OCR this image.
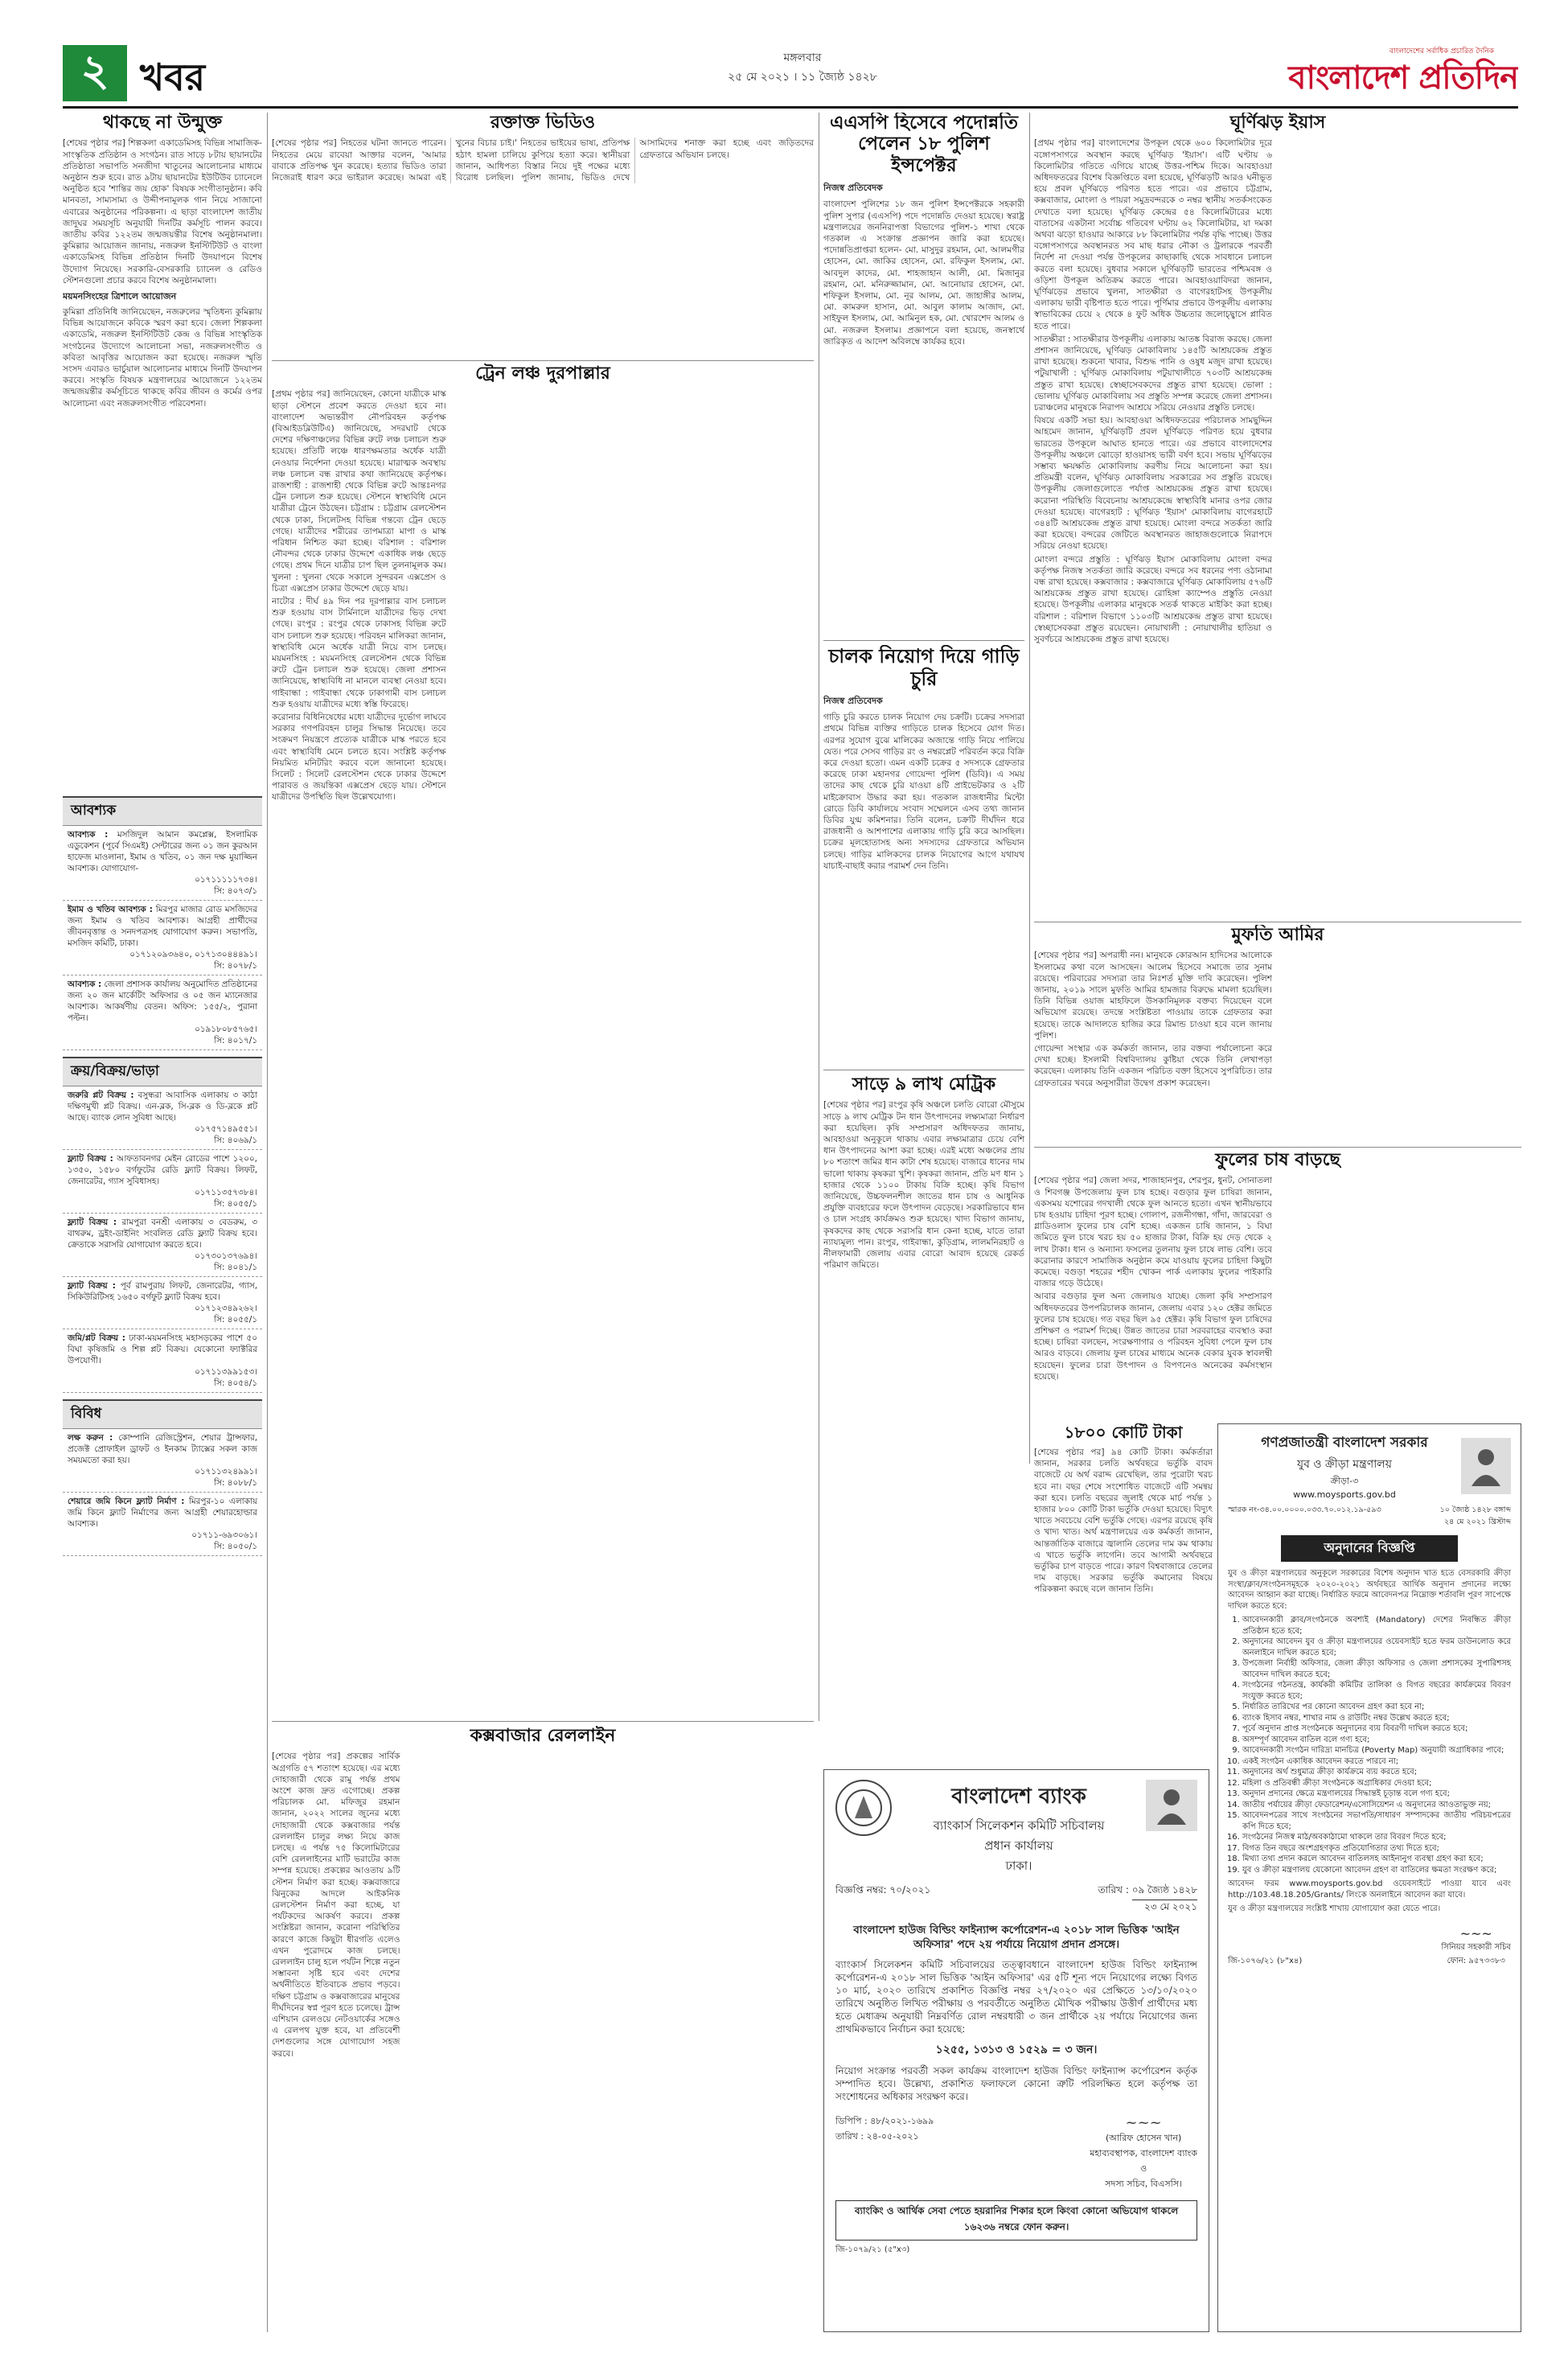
২ খবর	মঙ্গলবার
২৫ মে ২০২১ । ১১ জ্যৈষ্ঠ ১৪২৮
বাংলাদেশের সর্বাধিক প্রচারিত দৈনিক
বাংলাদেশ প্রতিদিন
থাকছে না উন্মুক্ত
[শেষের পৃষ্ঠার পর] শিল্পকলা একাডেমিসহ বিভিন্ন সামাজিক-সাংস্কৃতিক প্রতিষ্ঠান ও সংগঠন। রাত সাড়ে ৮টায় ছায়ানটের প্রতিষ্ঠাতা সভাপতি সনজীদা খাতুনের আলোচনার মাধ্যমে অনুষ্ঠান শুরু হবে। রাত ৯টায় ছায়ানটের ইউটিউব চ্যানেলে অনুষ্ঠিত হবে 'শান্তির জয় হোক' বিষয়ক সংগীতানুষ্ঠান। কবি মানবতা, সাম্যসাম্য ও উদ্দীপনামূলক গান নিয়ে সাজানো এবারের অনুষ্ঠানের পরিকল্পনা। এ ছাড়া বাংলাদেশ জাতীয় জাদুঘর সময়সূচি অনুযায়ী দিনটির কর্মসূচি পালন করবে। জাতীয় কবির ১২২তম জন্মজয়ন্তীর বিশেষ অনুষ্ঠানমালা। কুমিল্লার আয়োজন জানায়, নজরুল ইনস্টিটিউট ও বাংলা একাডেমিসহ বিভিন্ন প্রতিষ্ঠান দিনটি উদযাপনে বিশেষ উদ্যোগ নিয়েছে। সরকারি-বেসরকারি চ্যানেল ও রেডিও স্টেশনগুলো প্রচার করবে বিশেষ অনুষ্ঠানমালা।
ময়মনসিংহের ত্রিশালে আয়োজন
কুমিল্লা প্রতিনিধি জানিয়েছেন, নজরুলের স্মৃতিধন্য কুমিল্লায় বিভিন্ন আয়োজনে কবিকে স্মরণ করা হবে। জেলা শিল্পকলা একাডেমি, নজরুল ইনস্টিটিউট কেন্দ্র ও বিভিন্ন সাংস্কৃতিক সংগঠনের উদ্যোগে আলোচনা সভা, নজরুলসংগীত ও কবিতা আবৃত্তির আয়োজন করা হয়েছে। নজরুল স্মৃতি সংসদ এবারও ভার্চুয়াল আলোচনার মাধ্যমে দিনটি উদযাপন করবে। সংস্কৃতি বিষয়ক মন্ত্রণালয়ের আয়োজনে ১২২তম জন্মজয়ন্তীর কর্মসূচিতে থাকছে কবির জীবন ও কর্মের ওপর আলোচনা এবং নজরুলসংগীত পরিবেশনা।
আবশ্যক
আবশ্যক : মসজিদুল আমান কমপ্লেক্স, ইসলামিক এডুকেশন (পূর্বে সিএমই) সেন্টারের জন্য ০১ জন কুরআন হাফেজ মাওলানা, ইমাম ও খতিব, ০১ জন দক্ষ মুয়াজ্জিন আবশ্যক। যোগাযোগ-
০১৭১১১১১৭৩৪।
সি: ৪০৭৩/১
ইমাম ও খতিব আবশ্যক : মিরপুর মাজার রোড মসজিদের জন্য ইমাম ও খতিব আবশ্যক। আগ্রহী প্রার্থীদের জীবনবৃত্তান্ত ও সনদপত্রসহ যোগাযোগ করুন। সভাপতি, মসজিদ কমিটি, ঢাকা।
০১৭১২০৯৩৬৪০, ০১৭১৩০৪৪৪৯১।
সি: ৪০৭৮/১
আবশ্যক : জেলা প্রশাসক কার্যালয় অনুমোদিত প্রতিষ্ঠানের জন্য ২০ জন মার্কেটিং অফিসার ও ০৫ জন ম্যানেজার আবশ্যক। আকর্ষণীয় বেতন। অফিস: ১৫৫/২, পুরানা পল্টন।
০১৯১৮০৮৫৭৬৫।
সি: ৪০১৭/১
ক্রয়/বিক্রয়/ভাড়া
জরুরি প্লট বিক্রয় : বসুন্ধরা আবাসিক এলাকায় ৩ কাঠা দক্ষিণমুখী প্লট বিক্রয়। এন-ব্লক, সি-ব্লক ও ডি-ব্লকে প্লট আছে। ব্যাংক লোন সুবিধা আছে।
০১৭৫৭১৪৯৫৫১।
সি: ৪০৬৯/১
ফ্ল্যাট বিক্রয় : আফতাবনগর মেইন রোডের পাশে ১২০০, ১৩৫০, ১৫৮০ বর্গফুটের রেডি ফ্ল্যাট বিক্রয়। লিফট, জেনারেটর, গ্যাস সুবিধাসহ।
০১৭১১৩৫৭৩৮৪।
সি: ৪০৫৫/১
ফ্ল্যাট বিক্রয় : রামপুরা বনশ্রী এলাকায় ৩ বেডরুম, ৩ বাথরুম, ড্রইং-ডাইনিং সংবলিত রেডি ফ্ল্যাট বিক্রয় হবে। ক্রেতাকে সরাসরি যোগাযোগ করতে হবে।
০১৭৩০১৩৭৬৯৪।
সি: ৪০৪১/১
ফ্ল্যাট বিক্রয় : পূর্ব রামপুরায় লিফট, জেনারেটর, গ্যাস, সিকিউরিটিসহ ১৬৫০ বর্গফুট ফ্ল্যাট বিক্রয় হবে।
০১৭১২৩৪৯২৬২।
সি: ৪০৫৫/১
জমি/প্লট বিক্রয় : ঢাকা-ময়মনসিংহ মহাসড়কের পাশে ৫০ বিঘা কৃষিজমি ও শিল্প প্লট বিক্রয়। যেকোনো ফ্যাক্টরির উপযোগী।
০১৭১১৩৯৯১৫৩।
সি: ৪০৫৪/১
বিবিধ
লক্ষ করুন : কোম্পানি রেজিস্ট্রেশন, শেয়ার ট্রান্সফার, প্রজেক্ট প্রোফাইল ড্রাফট ও ইনকাম ট্যাক্সের সকল কাজ সময়মতো করা হয়।
০১৭১১৩২৪৯৯১।
সি: ৪০৮৮/১
শেয়ারে জমি কিনে ফ্ল্যাট নির্মাণ : মিরপুর-১০ এলাকায় জমি কিনে ফ্ল্যাট নির্মাণের জন্য আগ্রহী শেয়ারহোল্ডার আবশ্যক।
০১৭১১-৬৯৩০৬১।
সি: ৪০৫০/১
রক্তাক্ত ভিডিও
[শেষের পৃষ্ঠার পর] নিহতের ঘটনা জানতে পারেন। নিহতের মেয়ে রাবেয়া আক্তার বলেন, 'আমার বাবাকে প্রতিপক্ষ খুন করেছে। হত্যার ভিডিও তারা নিজেরাই ধারণ করে ভাইরাল করেছে। আমরা এই খুনের বিচার চাই।' নিহতের ভাইয়ের ভাষ্য, প্রতিপক্ষ হঠাৎ হামলা চালিয়ে কুপিয়ে হত্যা করে। স্থানীয়রা জানান, আধিপত্য বিস্তার নিয়ে দুই পক্ষের মধ্যে বিরোধ চলছিল। পুলিশ জানায়, ভিডিও দেখে আসামিদের শনাক্ত করা হচ্ছে এবং জড়িতদের গ্রেফতারে অভিযান চলছে।
ট্রেন লঞ্চ দুরপাল্লার

[প্রথম পৃষ্ঠার পর] জানিয়েছেন, কোনো যাত্রীকে মাস্ক ছাড়া স্টেশনে প্রবেশ করতে দেওয়া হবে না। বাংলাদেশ অভ্যন্তরীণ নৌপরিবহন কর্তৃপক্ষ (বিআইডব্লিউটিএ) জানিয়েছে, সদরঘাট থেকে দেশের দক্ষিণাঞ্চলের বিভিন্ন রুটে লঞ্চ চলাচল শুরু হয়েছে। প্রতিটি লঞ্চে ধারণক্ষমতার অর্ধেক যাত্রী নেওয়ার নির্দেশনা দেওয়া হয়েছে। মারাত্মক অবস্থায় লঞ্চ চলাচল বন্ধ রাখার কথা জানিয়েছে কর্তৃপক্ষ। রাজশাহী : রাজশাহী থেকে বিভিন্ন রুটে আন্তঃনগর ট্রেন চলাচল শুরু হয়েছে। স্টেশনে স্বাস্থ্যবিধি মেনে যাত্রীরা ট্রেনে উঠছেন। চট্টগ্রাম : চট্টগ্রাম রেলস্টেশন থেকে ঢাকা, সিলেটসহ বিভিন্ন গন্তব্যে ট্রেন ছেড়ে গেছে। যাত্রীদের শরীরের তাপমাত্রা মাপা ও মাস্ক পরিধান নিশ্চিত করা হচ্ছে। বরিশাল : বরিশাল নৌবন্দর থেকে ঢাকার উদ্দেশে একাধিক লঞ্চ ছেড়ে গেছে। প্রথম দিনে যাত্রীর চাপ ছিল তুলনামূলক কম। খুলনা : খুলনা থেকে সকালে সুন্দরবন এক্সপ্রেস ও চিত্রা এক্সপ্রেস ঢাকার উদ্দেশে ছেড়ে যায়।

নাটোর : দীর্ঘ ৪৯ দিন পর দূরপাল্লার বাস চলাচল শুরু হওয়ায় বাস টার্মিনালে যাত্রীদের ভিড় দেখা গেছে। রংপুর : রংপুর থেকে ঢাকাসহ বিভিন্ন রুটে বাস চলাচল শুরু হয়েছে। পরিবহন মালিকরা জানান, স্বাস্থ্যবিধি মেনে অর্ধেক যাত্রী নিয়ে বাস চলছে। ময়মনসিংহ : ময়মনসিংহ রেলস্টেশন থেকে বিভিন্ন রুটে ট্রেন চলাচল শুরু হয়েছে। জেলা প্রশাসন জানিয়েছে, স্বাস্থ্যবিধি না মানলে ব্যবস্থা নেওয়া হবে। গাইবান্ধা : গাইবান্ধা থেকে ঢাকাগামী বাস চলাচল শুরু হওয়ায় যাত্রীদের মধ্যে স্বস্তি ফিরেছে।

করোনার বিধিনিষেধের মধ্যে যাত্রীদের দুর্ভোগ লাঘবে সরকার গণপরিবহন চালুর সিদ্ধান্ত নিয়েছে। তবে সংক্রমণ নিয়ন্ত্রণে প্রত্যেক যাত্রীকে মাস্ক পরতে হবে এবং স্বাস্থ্যবিধি মেনে চলতে হবে। সংশ্লিষ্ট কর্তৃপক্ষ নিয়মিত মনিটরিং করবে বলে জানানো হয়েছে। সিলেট : সিলেট রেলস্টেশন থেকে ঢাকার উদ্দেশে পারাবত ও জয়ন্তিকা এক্সপ্রেস ছেড়ে যায়। স্টেশনে যাত্রীদের উপস্থিতি ছিল উল্লেখযোগ্য।

কক্সবাজার রেললাইন
[শেষের পৃষ্ঠার পর] প্রকল্পের সার্বিক অগ্রগতি ৫৭ শতাংশ হয়েছে। এর মধ্যে দোহাজারী থেকে রামু পর্যন্ত প্রথম অংশে কাজ দ্রুত এগোচ্ছে। প্রকল্প পরিচালক মো. মফিজুর রহমান জানান, ২০২২ সালের জুনের মধ্যে দোহাজারী থেকে কক্সবাজার পর্যন্ত রেললাইন চালুর লক্ষ্য নিয়ে কাজ চলছে। এ পর্যন্ত ৭৫ কিলোমিটারের বেশি রেললাইনের মাটি ভরাটের কাজ সম্পন্ন হয়েছে। প্রকল্পের আওতায় ৯টি স্টেশন নির্মাণ করা হচ্ছে। কক্সবাজারে ঝিনুকের আদলে আইকনিক রেলস্টেশন নির্মাণ করা হচ্ছে, যা পর্যটকদের আকর্ষণ করবে। প্রকল্প সংশ্লিষ্টরা জানান, করোনা পরিস্থিতির কারণে কাজে কিছুটা ধীরগতি এলেও এখন পুরোদমে কাজ চলছে। রেললাইন চালু হলে পর্যটন শিল্পে নতুন সম্ভাবনা সৃষ্টি হবে এবং দেশের অর্থনীতিতে ইতিবাচক প্রভাব পড়বে। দক্ষিণ চট্টগ্রাম ও কক্সবাজারের মানুষের দীর্ঘদিনের স্বপ্ন পূরণ হতে চলেছে। ট্রান্স এশিয়ান রেলওয়ে নেটওয়ার্কের সঙ্গেও এ রেলপথ যুক্ত হবে, যা প্রতিবেশী দেশগুলোর সঙ্গে যোগাযোগ সহজ করবে।
এএসপি হিসেবে পদোন্নতি পেলেন ১৮ পুলিশ ইন্সপেক্টর
নিজস্ব প্রতিবেদক
বাংলাদেশ পুলিশের ১৮ জন পুলিশ ইন্সপেক্টরকে সহকারী পুলিশ সুপার (এএসপি) পদে পদোন্নতি দেওয়া হয়েছে। স্বরাষ্ট্র মন্ত্রণালয়ের জননিরাপত্তা বিভাগের পুলিশ-১ শাখা থেকে গতকাল এ সংক্রান্ত প্রজ্ঞাপন জারি করা হয়েছে। পদোন্নতিপ্রাপ্তরা হলেন- মো. মাসুদুর রহমান, মো. আলমগীর হোসেন, মো. জাকির হোসেন, মো. রফিকুল ইসলাম, মো. আবদুল কাদের, মো. শাহজাহান আলী, মো. মিজানুর রহমান, মো. মনিরুজ্জামান, মো. আনোয়ার হোসেন, মো. শফিকুল ইসলাম, মো. নূর আলম, মো. জাহাঙ্গীর আলম, মো. কামরুল হাসান, মো. আবুল কালাম আজাদ, মো. সাইফুল ইসলাম, মো. আমিনুল হক, মো. খোরশেদ আলম ও মো. নজরুল ইসলাম। প্রজ্ঞাপনে বলা হয়েছে, জনস্বার্থে জারিকৃত এ আদেশ অবিলম্বে কার্যকর হবে।
চালক নিয়োগ দিয়ে গাড়ি চুরি
নিজস্ব প্রতিবেদক
গাড়ি চুরি করতে চালক নিয়োগ দেয় চক্রটি। চক্রের সদস্যরা প্রথমে বিভিন্ন ব্যক্তির গাড়িতে চালক হিসেবে যোগ দিত। এরপর সুযোগ বুঝে মালিকের অজান্তে গাড়ি নিয়ে পালিয়ে যেত। পরে সেসব গাড়ির রং ও নম্বরপ্লেট পরিবর্তন করে বিক্রি করে দেওয়া হতো। এমন একটি চক্রের ৫ সদস্যকে গ্রেফতার করেছে ঢাকা মহানগর গোয়েন্দা পুলিশ (ডিবি)। এ সময় তাদের কাছ থেকে চুরি যাওয়া ৪টি প্রাইভেটকার ও ২টি মাইক্রোবাস উদ্ধার করা হয়। গতকাল রাজধানীর মিন্টো রোডে ডিবি কার্যালয়ে সংবাদ সম্মেলনে এসব তথ্য জানান ডিবির যুগ্ম কমিশনার। তিনি বলেন, চক্রটি দীর্ঘদিন ধরে রাজধানী ও আশপাশের এলাকায় গাড়ি চুরি করে আসছিল। চক্রের মূলহোতাসহ অন্য সদস্যদের গ্রেফতারে অভিযান চলছে। গাড়ির মালিকদের চালক নিয়োগের আগে যথাযথ যাচাই-বাছাই করার পরামর্শ দেন তিনি।
সাড়ে ৯ লাখ মেট্রিক
[শেষের পৃষ্ঠার পর] রংপুর কৃষি অঞ্চলে চলতি বোরো মৌসুমে সাড়ে ৯ লাখ মেট্রিক টন ধান উৎপাদনের লক্ষ্যমাত্রা নির্ধারণ করা হয়েছিল। কৃষি সম্প্রসারণ অধিদফতর জানায়, আবহাওয়া অনুকূলে থাকায় এবার লক্ষ্যমাত্রার চেয়ে বেশি ধান উৎপাদনের আশা করা হচ্ছে। এরই মধ্যে অঞ্চলের প্রায় ৮০ শতাংশ জমির ধান কাটা শেষ হয়েছে। বাজারে ধানের দাম ভালো থাকায় কৃষকরা খুশি। কৃষকরা জানান, প্রতি মণ ধান ১ হাজার থেকে ১১০০ টাকায় বিক্রি হচ্ছে। কৃষি বিভাগ জানিয়েছে, উচ্চফলনশীল জাতের ধান চাষ ও আধুনিক প্রযুক্তি ব্যবহারের ফলে উৎপাদন বেড়েছে। সরকারিভাবে ধান ও চাল সংগ্রহ কার্যক্রমও শুরু হয়েছে। খাদ্য বিভাগ জানায়, কৃষকদের কাছ থেকে সরাসরি ধান কেনা হচ্ছে, যাতে তারা ন্যায্যমূল্য পান। রংপুর, গাইবান্ধা, কুড়িগ্রাম, লালমনিরহাট ও নীলফামারী জেলায় এবার বোরো আবাদ হয়েছে রেকর্ড পরিমাণ জমিতে।
ঘূর্ণিঝড় ইয়াস

[প্রথম পৃষ্ঠার পর] বাংলাদেশের উপকূল থেকে ৬০০ কিলোমিটার দূরে বঙ্গোপসাগরে অবস্থান করছে ঘূর্ণিঝড় 'ইয়াস'। এটি ঘণ্টায় ৬ কিলোমিটার গতিতে এগিয়ে যাচ্ছে উত্তর-পশ্চিম দিকে। আবহাওয়া অধিদফতরের বিশেষ বিজ্ঞপ্তিতে বলা হয়েছে, ঘূর্ণিঝড়টি আরও ঘনীভূত হয়ে প্রবল ঘূর্ণিঝড়ে পরিণত হতে পারে। এর প্রভাবে চট্টগ্রাম, কক্সবাজার, মোংলা ও পায়রা সমুদ্রবন্দরকে ৩ নম্বর স্থানীয় সতর্কসংকেত দেখাতে বলা হয়েছে। ঘূর্ণিঝড় কেন্দ্রের ৫৪ কিলোমিটারের মধ্যে বাতাসের একটানা সর্বোচ্চ গতিবেগ ঘণ্টায় ৬২ কিলোমিটার, যা দমকা অথবা ঝড়ো হাওয়ার আকারে ৮৮ কিলোমিটার পর্যন্ত বৃদ্ধি পাচ্ছে। উত্তর বঙ্গোপসাগরে অবস্থানরত সব মাছ ধরার নৌকা ও ট্রলারকে পরবর্তী নির্দেশ না দেওয়া পর্যন্ত উপকূলের কাছাকাছি থেকে সাবধানে চলাচল করতে বলা হয়েছে। বুধবার সকালে ঘূর্ণিঝড়টি ভারতের পশ্চিমবঙ্গ ও ওড়িশা উপকূল অতিক্রম করতে পারে। আবহাওয়াবিদরা জানান, ঘূর্ণিঝড়ের প্রভাবে খুলনা, সাতক্ষীরা ও বাগেরহাটসহ উপকূলীয় এলাকায় ভারী বৃষ্টিপাত হতে পারে। পূর্ণিমার প্রভাবে উপকূলীয় এলাকায় স্বাভাবিকের চেয়ে ২ থেকে ৪ ফুট অধিক উচ্চতার জলোচ্ছ্বাসে প্লাবিত হতে পারে।

সাতক্ষীরা : সাতক্ষীরার উপকূলীয় এলাকায় আতঙ্ক বিরাজ করছে। জেলা প্রশাসন জানিয়েছে, ঘূর্ণিঝড় মোকাবিলায় ১৪৫টি আশ্রয়কেন্দ্র প্রস্তুত রাখা হয়েছে। শুকনো খাবার, বিশুদ্ধ পানি ও ওষুধ মজুদ রাখা হয়েছে। পটুয়াখালী : ঘূর্ণিঝড় মোকাবিলায় পটুয়াখালীতে ৭০৩টি আশ্রয়কেন্দ্র প্রস্তুত রাখা হয়েছে। স্বেচ্ছাসেবকদের প্রস্তুত রাখা হয়েছে। ভোলা : ভোলায় ঘূর্ণিঝড় মোকাবিলায় সব প্রস্তুতি সম্পন্ন করেছে জেলা প্রশাসন। চরাঞ্চলের মানুষকে নিরাপদ আশ্রয়ে সরিয়ে নেওয়ার প্রস্তুতি চলছে।

বিষয়ে একটি সভা হয়। আবহাওয়া অধিদফতরের পরিচালক সামছুদ্দিন আহমেদ জানান, ঘূর্ণিঝড়টি প্রবল ঘূর্ণিঝড়ে পরিণত হয়ে বুধবার ভারতের উপকূলে আঘাত হানতে পারে। এর প্রভাবে বাংলাদেশের উপকূলীয় অঞ্চলে ঝোড়ো হাওয়াসহ ভারী বর্ষণ হবে। সভায় ঘূর্ণিঝড়ের সম্ভাব্য ক্ষয়ক্ষতি মোকাবিলায় করণীয় নিয়ে আলোচনা করা হয়। প্রতিমন্ত্রী বলেন, ঘূর্ণিঝড় মোকাবিলায় সরকারের সব প্রস্তুতি রয়েছে। উপকূলীয় জেলাগুলোতে পর্যাপ্ত আশ্রয়কেন্দ্র প্রস্তুত রাখা হয়েছে। করোনা পরিস্থিতি বিবেচনায় আশ্রয়কেন্দ্রে স্বাস্থ্যবিধি মানার ওপর জোর দেওয়া হয়েছে। বাগেরহাট : ঘূর্ণিঝড় 'ইয়াস' মোকাবিলায় বাগেরহাটে ৩৪৪টি আশ্রয়কেন্দ্র প্রস্তুত রাখা হয়েছে। মোংলা বন্দরে সতর্কতা জারি করা হয়েছে। বন্দরের জেটিতে অবস্থানরত জাহাজগুলোকে নিরাপদে সরিয়ে নেওয়া হয়েছে।

মোংলা বন্দরে প্রস্তুতি : ঘূর্ণিঝড় ইয়াস মোকাবিলায় মোংলা বন্দর কর্তৃপক্ষ নিজস্ব সতর্কতা জারি করেছে। বন্দরে সব ধরনের পণ্য ওঠানামা বন্ধ রাখা হয়েছে। কক্সবাজার : কক্সবাজারে ঘূর্ণিঝড় মোকাবিলায় ৫৭৬টি আশ্রয়কেন্দ্র প্রস্তুত রাখা হয়েছে। রোহিঙ্গা ক্যাম্পেও প্রস্তুতি নেওয়া হয়েছে। উপকূলীয় এলাকার মানুষকে সতর্ক থাকতে মাইকিং করা হচ্ছে। বরিশাল : বরিশাল বিভাগে ১১০৩টি আশ্রয়কেন্দ্র প্রস্তুত রাখা হয়েছে। স্বেচ্ছাসেবকরা প্রস্তুত রয়েছেন। নোয়াখালী : নোয়াখালীর হাতিয়া ও সুবর্ণচরে আশ্রয়কেন্দ্র প্রস্তুত রাখা হয়েছে।

মুফতি আমির

[শেষের পৃষ্ঠার পর] অপরাধী নন। মানুষকে কোরআন হাদিসের আলোকে ইসলামের কথা বলে আসছেন। আলেম হিসেবে সমাজে তার সুনাম রয়েছে। পরিবারের সদস্যরা তার নিঃশর্ত মুক্তি দাবি করেছেন। পুলিশ জানায়, ২০১৯ সালে মুফতি আমির হামজার বিরুদ্ধে মামলা হয়েছিল। তিনি বিভিন্ন ওয়াজ মাহফিলে উসকানিমূলক বক্তব্য দিয়েছেন বলে অভিযোগ রয়েছে। তদন্তে সংশ্লিষ্টতা পাওয়ায় তাকে গ্রেফতার করা হয়েছে। তাকে আদালতে হাজির করে রিমান্ড চাওয়া হবে বলে জানায় পুলিশ।

গোয়েন্দা সংস্থার এক কর্মকর্তা জানান, তার বক্তব্য পর্যালোচনা করে দেখা হচ্ছে। ইসলামী বিশ্ববিদ্যালয় কুষ্টিয়া থেকে তিনি লেখাপড়া করেছেন। এলাকায় তিনি একজন পরিচিত বক্তা হিসেবে সুপরিচিত। তার গ্রেফতারের খবরে অনুসারীরা উদ্বেগ প্রকাশ করেছেন।

ফুলের চাষ বাড়ছে

[শেষের পৃষ্ঠার পর] জেলা সদর, শাজাহানপুর, শেরপুর, ধুনট, সোনাতলা ও শিবগঞ্জ উপজেলায় ফুল চাষ হচ্ছে। বগুড়ার ফুল চাষিরা জানান, একসময় যশোরের গদখালী থেকে ফুল আনতে হতো। এখন স্থানীয়ভাবে চাষ হওয়ায় চাহিদা পূরণ হচ্ছে। গোলাপ, রজনীগন্ধা, গাঁদা, জারবেরা ও গ্লাডিওলাস ফুলের চাষ বেশি হচ্ছে। একজন চাষি জানান, ১ বিঘা জমিতে ফুল চাষে খরচ হয় ৫০ হাজার টাকা, বিক্রি হয় দেড় থেকে ২ লাখ টাকা। ধান ও অন্যান্য ফসলের তুলনায় ফুল চাষে লাভ বেশি। তবে করোনার কারণে সামাজিক অনুষ্ঠান কমে যাওয়ায় ফুলের চাহিদা কিছুটা কমেছে। বগুড়া শহরের শহীদ খোকন পার্ক এলাকায় ফুলের পাইকারি বাজার গড়ে উঠেছে।

আবার বগুড়ার ফুল অন্য জেলায়ও যাচ্ছে। জেলা কৃষি সম্প্রসারণ অধিদফতরের উপপরিচালক জানান, জেলায় এবার ১২০ হেক্টর জমিতে ফুলের চাষ হয়েছে। গত বছর ছিল ৯৫ হেক্টর। কৃষি বিভাগ ফুল চাষিদের প্রশিক্ষণ ও পরামর্শ দিচ্ছে। উন্নত জাতের চারা সরবরাহের ব্যবস্থাও করা হচ্ছে। চাষিরা বলছেন, সংরক্ষণাগার ও পরিবহন সুবিধা পেলে ফুল চাষ আরও বাড়বে। জেলায় ফুল চাষের মাধ্যমে অনেক বেকার যুবক স্বাবলম্বী হয়েছেন। ফুলের চারা উৎপাদন ও বিপণনেও অনেকের কর্মসংস্থান হয়েছে।

১৮০০ কোটি টাকা
[শেষের পৃষ্ঠার পর] ৯৪ কোটি টাকা। কর্মকর্তারা জানান, সরকার চলতি অর্থবছরে ভর্তুকি বাবদ বাজেটে যে অর্থ বরাদ্দ রেখেছিল, তার পুরোটা খরচ হবে না। বছর শেষে সংশোধিত বাজেটে এটি সমন্বয় করা হবে। চলতি বছরের জুলাই থেকে মার্চ পর্যন্ত ১ হাজার ৮০০ কোটি টাকা ভর্তুকি দেওয়া হয়েছে। বিদ্যুৎ খাতে সবচেয়ে বেশি ভর্তুকি গেছে। এরপর রয়েছে কৃষি ও খাদ্য খাত। অর্থ মন্ত্রণালয়ের এক কর্মকর্তা জানান, আন্তর্জাতিক বাজারে জ্বালানি তেলের দাম কম থাকায় এ খাতে ভর্তুকি লাগেনি। তবে আগামী অর্থবছরে ভর্তুকির চাপ বাড়তে পারে। কারণ বিশ্ববাজারে তেলের দাম বাড়ছে। সরকার ভর্তুকি কমানোর বিষয়ে পরিকল্পনা করছে বলে জানান তিনি।
বাংলাদেশ ব্যাংক
ব্যাংকার্স সিলেকশন কমিটি সচিবালয়
প্রধান কার্যালয়
ঢাকা।
বিজ্ঞপ্তি নম্বর: ৭০/২০২১	তারিখ : ০৯ জ্যৈষ্ঠ ১৪২৮

২৩ মে ২০২১
বাংলাদেশ হাউজ বিল্ডিং ফাইন্যান্স কর্পোরেশন-এ ২০১৮ সাল ভিত্তিক 'আইন অফিসার' পদে ২য় পর্যায়ে নিয়োগ প্রদান প্রসঙ্গে।
ব্যাংকার্স সিলেকশন কমিটি সচিবালয়ের তত্ত্বাবধানে বাংলাদেশ হাউজ বিল্ডিং ফাইন্যান্স কর্পোরেশন-এ ২০১৮ সাল ভিত্তিক 'আইন অফিসার' এর ৫টি শূন্য পদে নিয়োগের লক্ষ্যে বিগত ১০ মার্চ, ২০২০ তারিখে প্রকাশিত বিজ্ঞপ্তি নম্বর ২৭/২০২০ এর প্রেক্ষিতে ১৩/১০/২০২০ তারিখে অনুষ্ঠিত লিখিত পরীক্ষায় ও পরবর্তীতে অনুষ্ঠিত মৌখিক পরীক্ষায় উত্তীর্ণ প্রার্থীদের মধ্য হতে মেধাক্রম অনুযায়ী নিম্নবর্ণিত রোল নম্বরধারী ৩ জন প্রার্থীকে ২য় পর্যায়ে নিয়োগের জন্য প্রাথমিকভাবে নির্বাচন করা হয়েছে:
১২৫৫, ১৩১৩ ও ১৫২৯ = ৩ জন।
নিয়োগ সংক্রান্ত পরবর্তী সকল কার্যক্রম বাংলাদেশ হাউজ বিল্ডিং ফাইন্যান্স কর্পোরেশন কর্তৃক সম্পাদিত হবে। উল্লেখ্য, প্রকাশিত ফলাফলে কোনো ত্রুটি পরিলক্ষিত হলে কর্তৃপক্ষ তা সংশোধনের অধিকার সংরক্ষণ করে।
ডিপিপি : ৪৮/২০২১-১৬৯৯
তারিখ : ২৪-০৫-২০২১
~~~
(আরিফ হোসেন খান)
মহাব্যবস্থাপক, বাংলাদেশ ব্যাংক
ও
সদস্য সচিব, বিএসসি।
ব্যাংকিং ও আর্থিক সেবা পেতে হয়রানির শিকার হলে কিংবা কোনো অভিযোগ থাকলে ১৬২৩৬ নম্বরে ফোন করুন।
জি-১০৭৯/২১ (৫"x৩)
গণপ্রজাতন্ত্রী বাংলাদেশ সরকার
যুব ও ক্রীড়া মন্ত্রণালয়
ক্রীড়া-৩
www.moysports.gov.bd
স্মারক নং-৩৪.০০.০০০০.০৩৩.৭০.০১২.১৯-৫৯৩	১০ জ্যৈষ্ঠ ১৪২৮ বঙ্গাব্দ
২৪ মে ২০২১ খ্রিস্টাব্দ
অনুদানের বিজ্ঞপ্তি
যুব ও ক্রীড়া মন্ত্রণালয়ের অনুকূলে সরকারের বিশেষ অনুদান খাত হতে বেসরকারি ক্রীড়া সংস্থা/ক্লাব/সংগঠনসমূহকে ২০২০-২০২১ অর্থবছরে আর্থিক অনুদান প্রদানের লক্ষ্যে আবেদন আহ্বান করা যাচ্ছে। নির্ধারিত ফরমে আবেদনপত্র নিম্নোক্ত শর্তাবলি পূরণ সাপেক্ষে দাখিল করতে হবে:
1. আবেদনকারী ক্লাব/সংগঠনকে অবশ্যই (Mandatory) দেশের নিবন্ধিত ক্রীড়া প্রতিষ্ঠান হতে হবে;
2. অনুদানের আবেদন যুব ও ক্রীড়া মন্ত্রণালয়ের ওয়েবসাইট হতে ফরম ডাউনলোড করে অনলাইনে দাখিল করতে হবে;
3. উপজেলা নির্বাহী অফিসার, জেলা ক্রীড়া অফিসার ও জেলা প্রশাসকের সুপারিশসহ আবেদন দাখিল করতে হবে;
4. সংগঠনের গঠনতন্ত্র, কার্যকরী কমিটির তালিকা ও বিগত বছরের কার্যক্রমের বিবরণ সংযুক্ত করতে হবে;
5. নির্ধারিত তারিখের পর কোনো আবেদন গ্রহণ করা হবে না;
6. ব্যাংক হিসাব নম্বর, শাখার নাম ও রাউটিং নম্বর উল্লেখ করতে হবে;
7. পূর্বে অনুদান প্রাপ্ত সংগঠনকে অনুদানের ব্যয় বিবরণী দাখিল করতে হবে;
8. অসম্পূর্ণ আবেদন বাতিল বলে গণ্য হবে;
9. আবেদনকারী সংগঠন দারিদ্র্য মানচিত্র (Poverty Map) অনুযায়ী অগ্রাধিকার পাবে;
10. একই সংগঠন একাধিক আবেদন করতে পারবে না;
11. অনুদানের অর্থ শুধুমাত্র ক্রীড়া কার্যক্রমে ব্যয় করতে হবে;
12. মহিলা ও প্রতিবন্ধী ক্রীড়া সংগঠনকে অগ্রাধিকার দেওয়া হবে;
13. অনুদান প্রদানের ক্ষেত্রে মন্ত্রণালয়ের সিদ্ধান্তই চূড়ান্ত বলে গণ্য হবে;
14. জাতীয় পর্যায়ের ক্রীড়া ফেডারেশন/এসোসিয়েশন এ অনুদানের আওতাভুক্ত নয়;
15. আবেদনপত্রের সাথে সংগঠনের সভাপতি/সাধারণ সম্পাদকের জাতীয় পরিচয়পত্রের কপি দিতে হবে;
16. সংগঠনের নিজস্ব মাঠ/অবকাঠামো থাকলে তার বিবরণ দিতে হবে;
17. বিগত তিন বছরে অংশগ্রহণকৃত প্রতিযোগিতার তথ্য দিতে হবে;
18. মিথ্যা তথ্য প্রদান করলে আবেদন বাতিলসহ আইনানুগ ব্যবস্থা গ্রহণ করা হবে;
19. যুব ও ক্রীড়া মন্ত্রণালয় যেকোনো আবেদন গ্রহণ বা বাতিলের ক্ষমতা সংরক্ষণ করে;
আবেদন ফরম www.moysports.gov.bd ওয়েবসাইটে পাওয়া যাবে এবং http://103.48.18.205/Grants/ লিংকে অনলাইনে আবেদন করা যাবে।
যুব ও ক্রীড়া মন্ত্রণালয়ের সংশ্লিষ্ট শাখায় যোগাযোগ করা যেতে পারে।
জি-১০৭৬/২১ (৮"x৪)
~~~
সিনিয়র সহকারী সচিব
ফোন: ৯৫৭৩৩৮৩
